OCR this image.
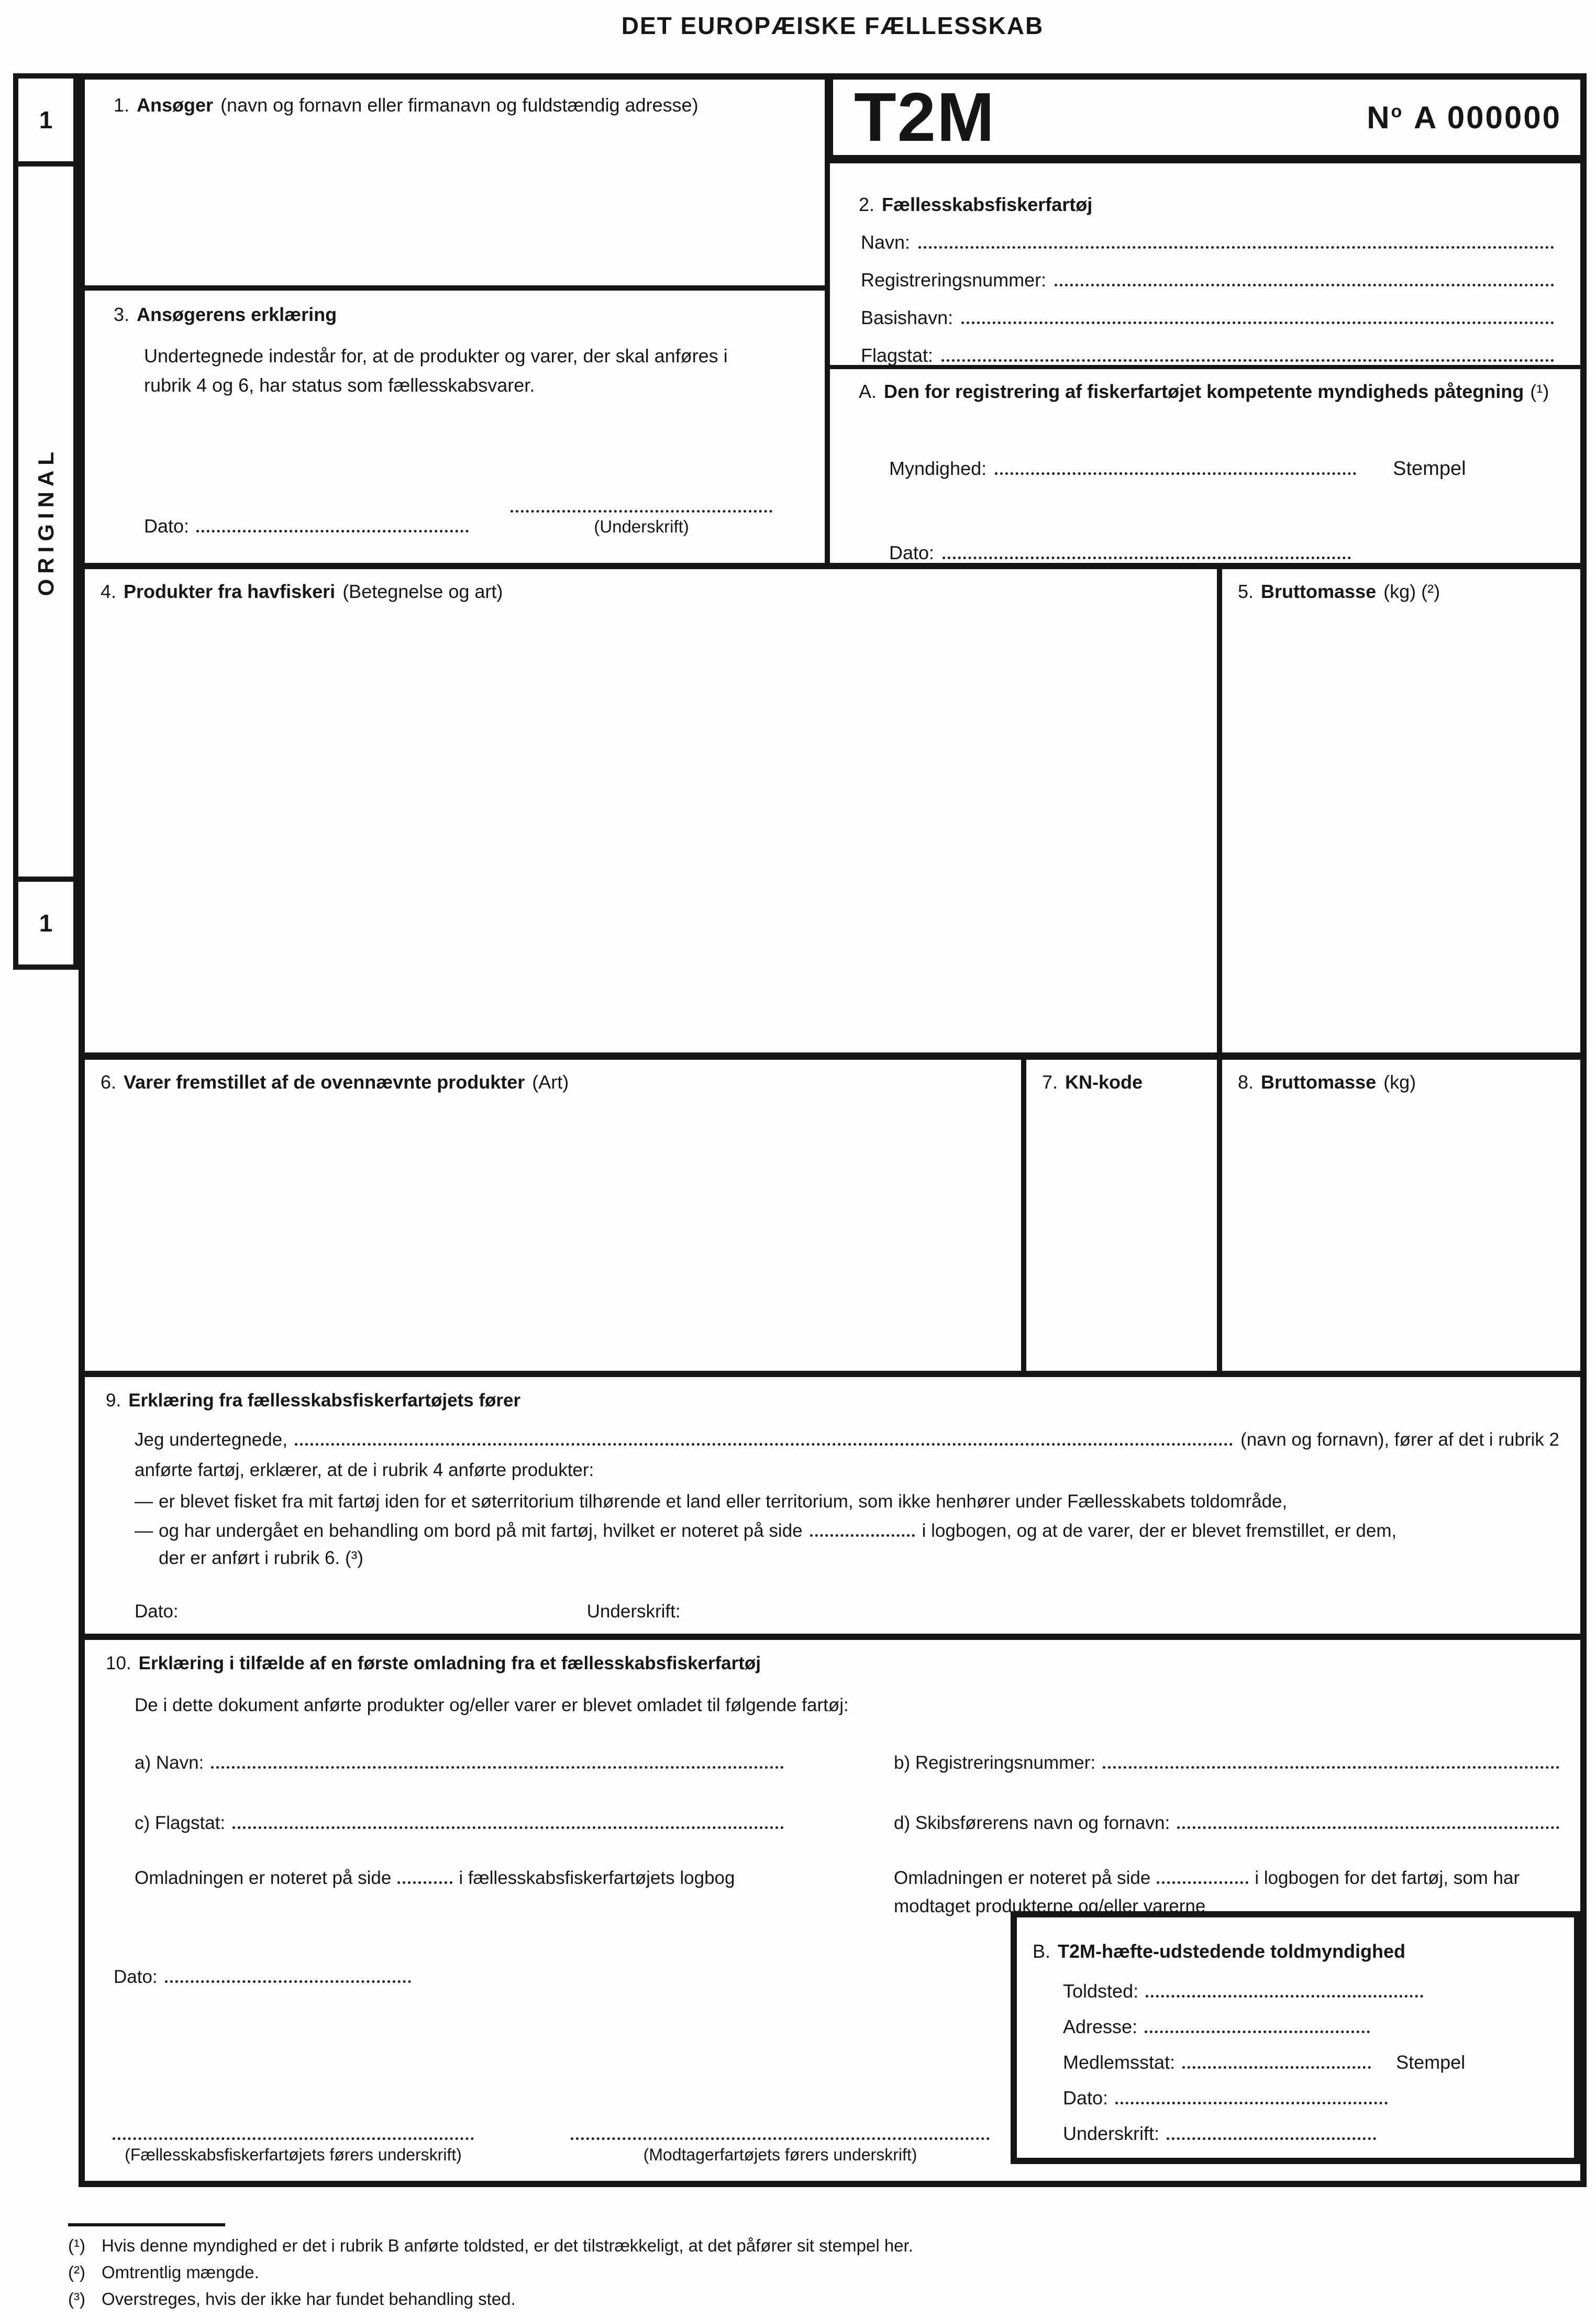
DET EUROPÆISKE FÆLLESSKAB
1
ORIGINAL
1
1. Ansøger (navn og fornavn eller firmanavn og fuldstændig adresse)
3. Ansøgerens erklæring
Undertegnede indestår for, at de produkter og varer, der skal anføres i rubrik 4 og 6, har status som fællesskabsvarer.
Dato:	(Underskrift)
T2M	$N^o$ A 000000
2. Fællesskabsfiskerfartøj
Navn:
Registreringsnummer:
Basishavn:
Flagstat:
A. Den for registrering af fiskerfartøjet kompetente myndigheds påtegning (¹)
Myndighed:	Stempel
Dato:
4. Produkter fra havfiskeri (Betegnelse og art)	5. Bruttomasse (kg) (²)
6. Varer fremstillet af de ovennævnte produkter (Art)	7. KN-kode	8. Bruttomasse (kg)
9. Erklæring fra fællesskabsfiskerfartøjets fører
Jeg undertegnede,	(navn og fornavn), fører af det i rubrik 2
anførte fartøj, erklærer, at de i rubrik 4 anførte produkter:
— er blevet fisket fra mit fartøj iden for et søterritorium tilhørende et land eller territorium, som ikke henhører under Fællesskabets toldområde,
— og har undergået en behandling om bord på mit fartøj, hvilket er noteret på side	i logbogen, og at de varer, der er blevet fremstillet, er dem,
der er anført i rubrik 6. (³)
Dato:	Underskrift:
10. Erklæring i tilfælde af en første omladning fra et fællesskabsfiskerfartøj
De i dette dokument anførte produkter og/eller varer er blevet omladet til følgende fartøj:
a) Navn:	b) Registreringsnummer:
c) Flagstat:	d) Skibsførerens navn og fornavn:
Omladningen er noteret på side	i fællesskabsfiskerfartøjets logbog	Omladningen er noteret på side	i logbogen for det fartøj, som har
modtaget produkterne og/eller varerne
Dato:
(Fællesskabsfiskerfartøjets førers underskrift)	(Modtagerfartøjets førers underskrift)
B. T2M-hæfte-udstedende toldmyndighed
Toldsted:
Adresse:
Medlemsstat:	Stempel
Dato:
Underskrift:
(¹) Hvis denne myndighed er det i rubrik B anførte toldsted, er det tilstrækkeligt, at det påfører sit stempel her.
(²) Omtrentlig mængde.
(³) Overstreges, hvis der ikke har fundet behandling sted.
